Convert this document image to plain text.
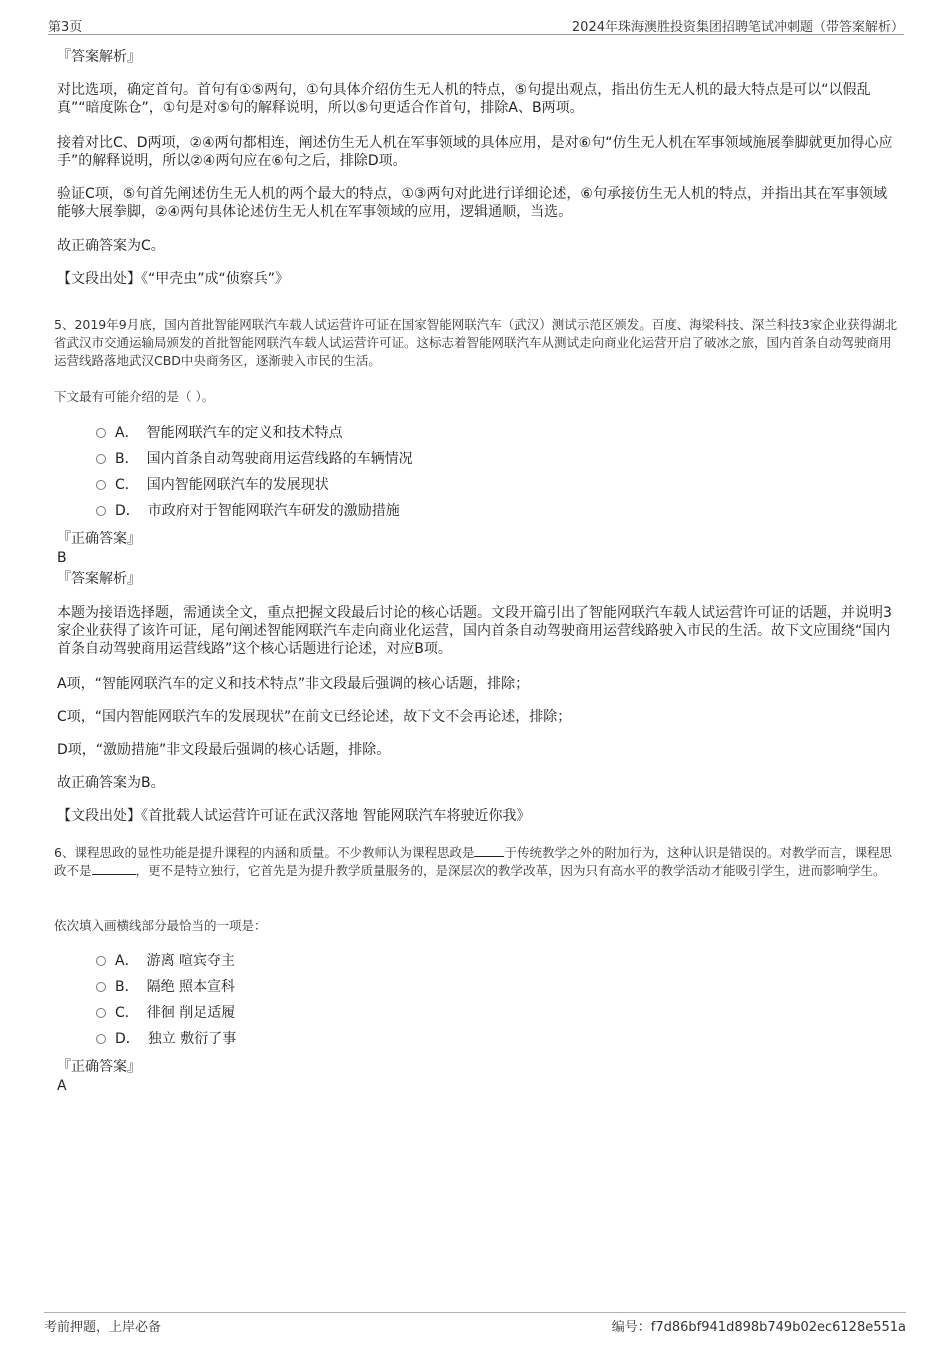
第3页	2024年珠海澳胜投资集团招聘笔试冲刺题（带答案解析）
『答案解析』
对比选项，确定首句。首句有①⑤两句，①句具体介绍仿生无人机的特点，⑤句提出观点，指出仿生无人机的最大特点是可以“以假乱真”“暗度陈仓”，①句是对⑤句的解释说明，所以⑤句更适合作首句，排除A、B两项。
接着对比C、D两项，②④两句都相连，阐述仿生无人机在军事领域的具体应用，是对⑥句“仿生无人机在军事领域施展拳脚就更加得心应手”的解释说明，所以②④两句应在⑥句之后，排除D项。
验证C项，⑤句首先阐述仿生无人机的两个最大的特点，①③两句对此进行详细论述，⑥句承接仿生无人机的特点，并指出其在军事领域能够大展拳脚，②④两句具体论述仿生无人机在军事领域的应用，逻辑通顺，当选。
故正确答案为C。
【文段出处】《“甲壳虫”成“侦察兵”》
5、2019年9月底，国内首批智能网联汽车载人试运营许可证在国家智能网联汽车（武汉）测试示范区颁发。百度、海梁科技、深兰科技3家企业获得湖北省武汉市交通运输局颁发的首批智能网联汽车载人试运营许可证。这标志着智能网联汽车从测试走向商业化运营开启了破冰之旅，国内首条自动驾驶商用运营线路落地武汉CBD中央商务区，逐渐驶入市民的生活。
下文最有可能介绍的是（ ）。
A． 智能网联汽车的定义和技术特点
B． 国内首条自动驾驶商用运营线路的车辆情况
C． 国内智能网联汽车的发展现状
D． 市政府对于智能网联汽车研发的激励措施
『正确答案』
B
『答案解析』
本题为接语选择题，需通读全文，重点把握文段最后讨论的核心话题。文段开篇引出了智能网联汽车载人试运营许可证的话题，并说明3家企业获得了该许可证，尾句阐述智能网联汽车走向商业化运营，国内首条自动驾驶商用运营线路驶入市民的生活。故下文应围绕“国内首条自动驾驶商用运营线路”这个核心话题进行论述，对应B项。
A项，“智能网联汽车的定义和技术特点”非文段最后强调的核心话题，排除；
C项，“国内智能网联汽车的发展现状”在前文已经论述，故下文不会再论述，排除；
D项，“激励措施”非文段最后强调的核心话题，排除。
故正确答案为B。
【文段出处】《首批载人试运营许可证在武汉落地 智能网联汽车将驶近你我》
6、课程思政的显性功能是提升课程的内涵和质量。不少教师认为课程思政是 于传统教学之外的附加行为，这种认识是错误的。对教学而言，课程思政不是	，更不是特立独行，它首先是为提升教学质量服务的，是深层次的教学改革，因为只有高水平的教学活动才能吸引学生，进而影响学生。
依次填入画横线部分最恰当的一项是：
A． 游离 喧宾夺主
B． 隔绝 照本宣科
C． 徘徊 削足适履
D． 独立 敷衍了事
『正确答案』
A
考前押题，上岸必备	编号：f7d86bf941d898b749b02ec6128e551a
